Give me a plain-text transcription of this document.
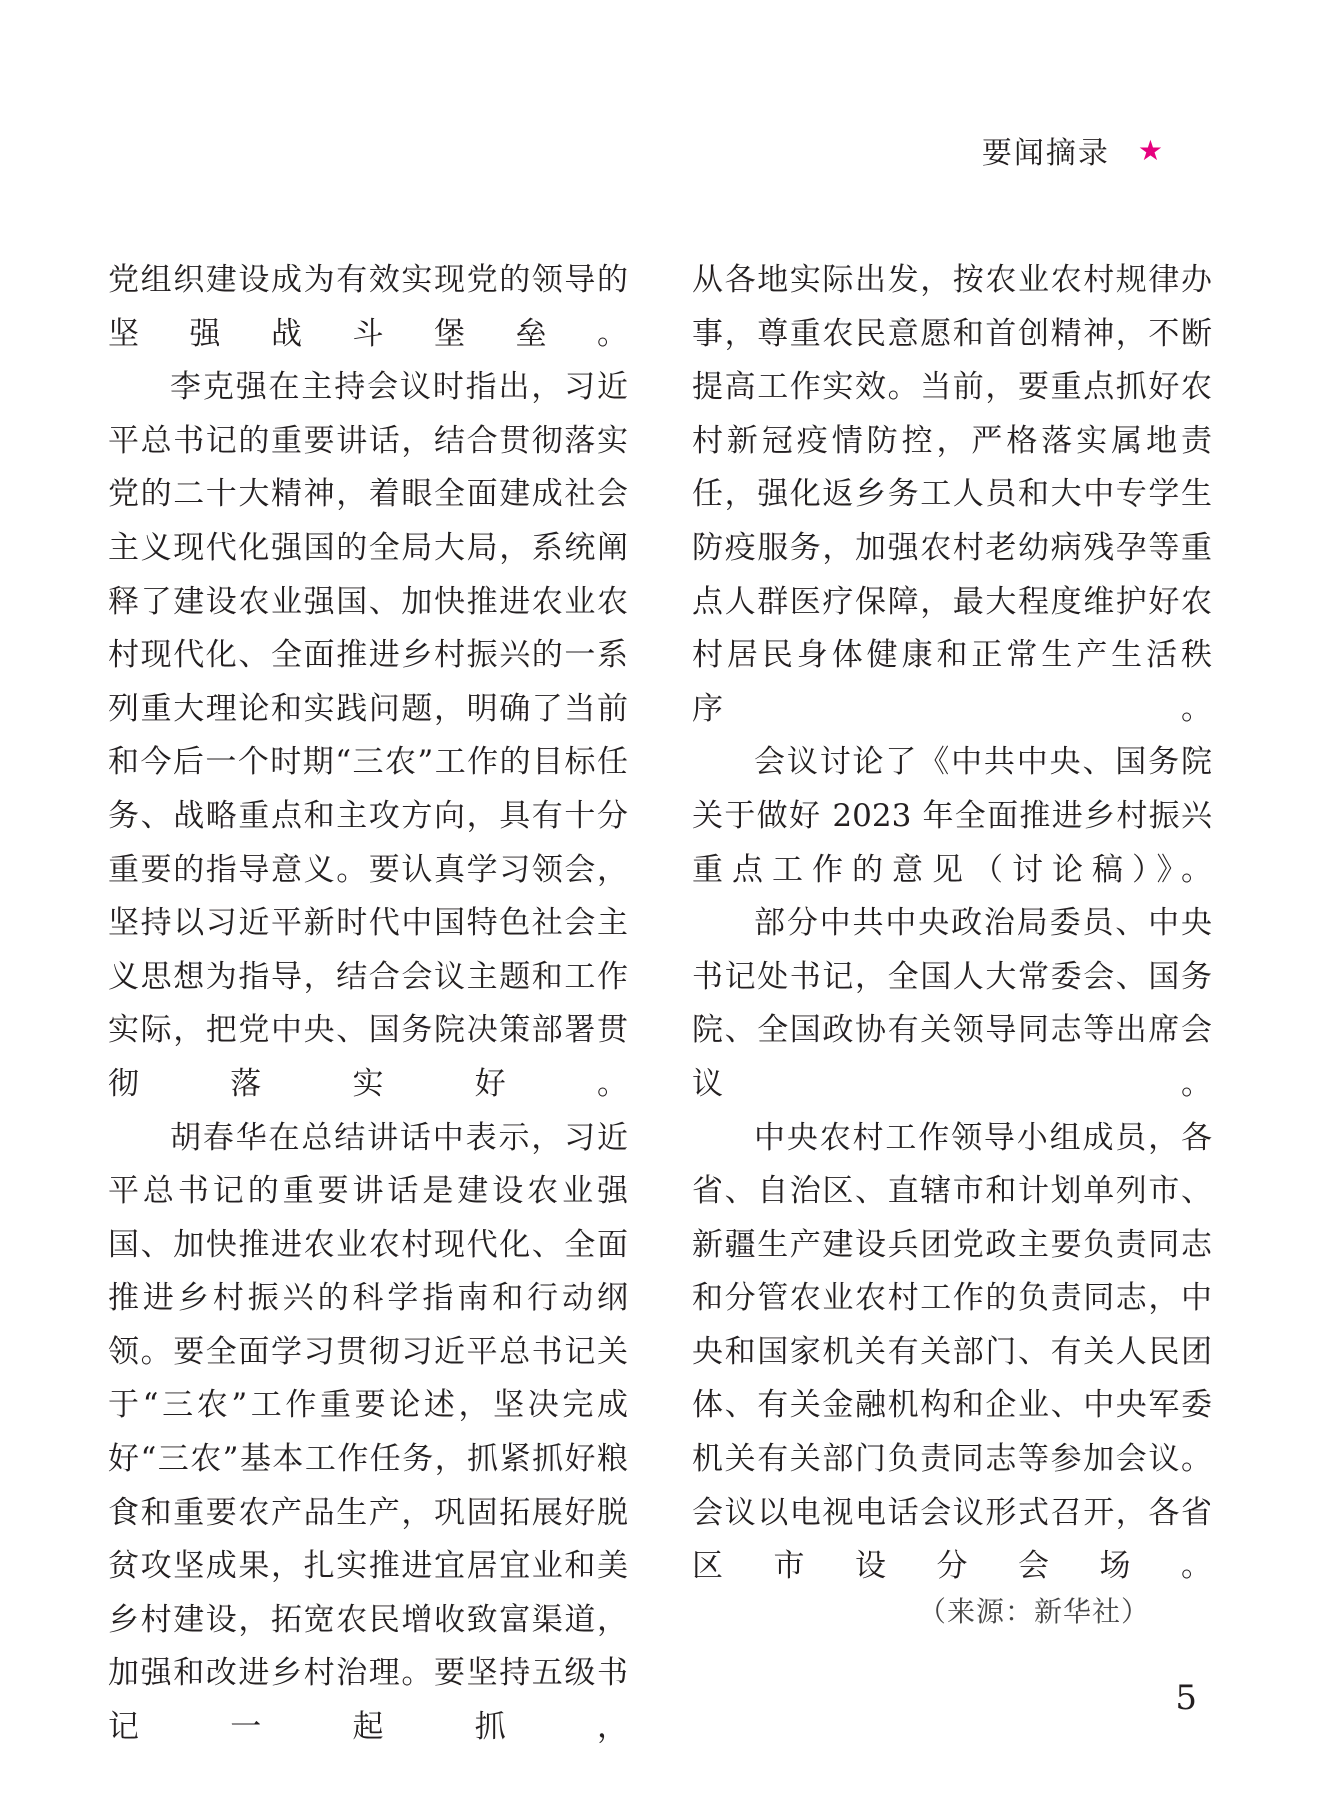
要闻摘录 ★

党组织建设成为有效实现党的领导的坚强战斗堡垒。

李克强在主持会议时指出，习近平总书记的重要讲话，结合贯彻落实党的二十大精神，着眼全面建成社会主义现代化强国的全局大局，系统阐释了建设农业强国、加快推进农业农村现代化、全面推进乡村振兴的一系列重大理论和实践问题，明确了当前和今后一个时期“三农”工作的目标任务、战略重点和主攻方向，具有十分重要的指导意义。要认真学习领会，坚持以习近平新时代中国特色社会主义思想为指导，结合会议主题和工作实际，把党中央、国务院决策部署贯彻落实好。

胡春华在总结讲话中表示，习近平总书记的重要讲话是建设农业强国、加快推进农业农村现代化、全面推进乡村振兴的科学指南和行动纲领。要全面学习贯彻习近平总书记关于“三农”工作重要论述，坚决完成好“三农”基本工作任务，抓紧抓好粮食和重要农产品生产，巩固拓展好脱贫攻坚成果，扎实推进宜居宜业和美乡村建设，拓宽农民增收致富渠道，加强和改进乡村治理。要坚持五级书记一起抓，

从各地实际出发，按农业农村规律办事，尊重农民意愿和首创精神，不断提高工作实效。当前，要重点抓好农村新冠疫情防控，严格落实属地责任，强化返乡务工人员和大中专学生防疫服务，加强农村老幼病残孕等重点人群医疗保障，最大程度维护好农村居民身体健康和正常生产生活秩序。

会议讨论了《中共中央、国务院关于做好 2023 年全面推进乡村振兴重点工作的意见（讨论稿）》。

部分中共中央政治局委员、中央书记处书记，全国人大常委会、国务院、全国政协有关领导同志等出席会议。

中央农村工作领导小组成员，各省、自治区、直辖市和计划单列市、新疆生产建设兵团党政主要负责同志和分管农业农村工作的负责同志，中央和国家机关有关部门、有关人民团体、有关金融机构和企业、中央军委机关有关部门负责同志等参加会议。会议以电视电话会议形式召开，各省区市设分会场。

（来源：新华社）
5
